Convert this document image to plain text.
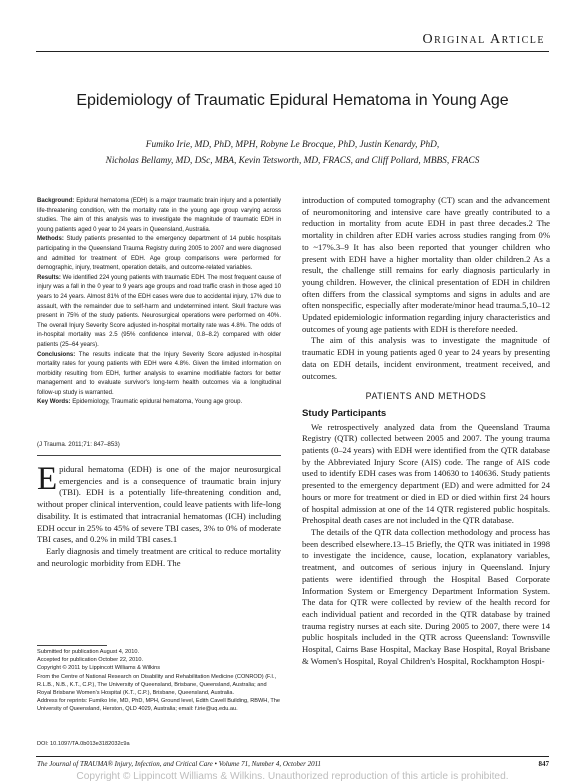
Original Article
Epidemiology of Traumatic Epidural Hematoma in Young Age
Fumiko Irie, MD, PhD, MPH, Robyne Le Brocque, PhD, Justin Kenardy, PhD,
Nicholas Bellamy, MD, DSc, MBA, Kevin Tetsworth, MD, FRACS, and Cliff Pollard, MBBS, FRACS

Background: Epidural hematoma (EDH) is a major traumatic brain injury and a potentially life-threatening condition, with the mortality rate in the young age group varying across studies. The aim of this analysis was to investigate the magnitude of traumatic EDH in young patients aged 0 year to 24 years in Queensland, Australia.

Methods: Study patients presented to the emergency department of 14 public hospitals participating in the Queensland Trauma Registry during 2005 to 2007 and were diagnosed and admitted for treatment of EDH. Age group comparisons were performed for demographic, injury, treatment, operation details, and outcome-related variables.

Results: We identified 224 young patients with traumatic EDH. The most frequent cause of injury was a fall in the 0 year to 9 years age groups and road traffic crash in those aged 10 years to 24 years. Almost 81% of the EDH cases were due to accidental injury, 17% due to assault, with the remainder due to self-harm and undetermined intent. Skull fracture was present in 75% of the study patients. Neurosurgical operations were performed on 40%. The overall Injury Severity Score adjusted in-hospital mortality rate was 4.8%. The odds of in-hospital mortality was 2.5 (95% confidence interval, 0.8–8.2) compared with older patients (25–64 years).

Conclusions: The results indicate that the Injury Severity Score adjusted in-hospital mortality rates for young patients with EDH were 4.8%. Given the limited information on morbidity resulting from EDH, further analysis to examine modifiable factors for better management and to evaluate survivor's long-term health outcomes via a longitudinal follow-up study is warranted.

Key Words: Epidemiology, Traumatic epidural hematoma, Young age group.

(J Trauma. 2011;71: 847–853)

Epidural hematoma (EDH) is one of the major neurosurgical emergencies and is a consequence of traumatic brain injury (TBI). EDH is a potentially life-threatening condition and, without proper clinical intervention, could leave patients with life-long disability. It is estimated that intracranial hematomas (ICH) including EDH occur in 25% to 45% of severe TBI cases, 3% to 0% of moderate TBI cases, and 0.2% in mild TBI cases.1

Early diagnosis and timely treatment are critical to reduce mortality and neurologic morbidity from EDH. The

Submitted for publication August 4, 2010.

Accepted for publication October 22, 2010.

Copyright © 2011 by Lippincott Williams & Wilkins

From the Centre of National Research on Disability and Rehabilitation Medicine (CONROD) (F.I., R.L.B., N.B., K.T., C.P.), The University of Queensland, Brisbane, Queensland, Australia; and Royal Brisbane Women's Hospital (K.T., C.P.), Brisbane, Queensland, Australia.

Address for reprints: Fumiko Irie, MD, PhD, MPH, Ground level, Edith Cavell Building, RBWH, The University of Queensland, Herston, QLD 4029, Australia; email: f.irie@uq.edu.au.

DOI: 10.1097/TA.0b013e3182032c9a

introduction of computed tomography (CT) scan and the advancement of neuromonitoring and intensive care have greatly contributed to a reduction in mortality from acute EDH in past three decades.2 The mortality in children after EDH varies across studies ranging from 0% to ~17%.3–9 It has also been reported that younger children who present with EDH have a higher mortality than older children.2 As a result, the challenge still remains for early diagnosis particularly in young children. However, the clinical presentation of EDH in children often differs from the classical symptoms and signs in adults and are often nonspecific, especially after moderate/minor head trauma.5,10–12 Updated epidemiologic information regarding injury characteristics and outcomes of young age patients with EDH is therefore needed.

The aim of this analysis was to investigate the magnitude of traumatic EDH in young patients aged 0 year to 24 years by presenting data on EDH details, incident environment, treatment received, and outcomes.

PATIENTS AND METHODS
Study Participants

We retrospectively analyzed data from the Queensland Trauma Registry (QTR) collected between 2005 and 2007. The young trauma patients (0–24 years) with EDH were identified from the QTR database by the Abbreviated Injury Score (AIS) code. The range of AIS code used to identify EDH cases was from 140630 to 140636. Study patients presented to the emergency department (ED) and were admitted for 24 hours or more for treatment or died in ED or died within first 24 hours of hospital admission at one of the 14 QTR registered public hospitals. Prehospital death cases are not included in the QTR database.

The details of the QTR data collection methodology and process has been described elsewhere.13–15 Briefly, the QTR was initiated in 1998 to investigate the incidence, cause, location, explanatory variables, treatment, and outcomes of serious injury in Queensland. Injury patients were identified through the Hospital Based Corporate Information System or Emergency Department Information System. The data for QTR were collected by review of the health record for each individual patient and recorded in the QTR database by trained trauma registry nurses at each site. During 2005 to 2007, there were 14 public hospitals included in the QTR across Queensland: Townsville Hospital, Cairns Base Hospital, Mackay Base Hospital, Royal Brisbane & Women's Hospital, Royal Children's Hospital, Rockhampton Hospi-

The Journal of TRAUMA® Injury, Infection, and Critical Care • Volume 71, Number 4, October 2011	847
Copyright © Lippincott Williams & Wilkins. Unauthorized reproduction of this article is prohibited.
